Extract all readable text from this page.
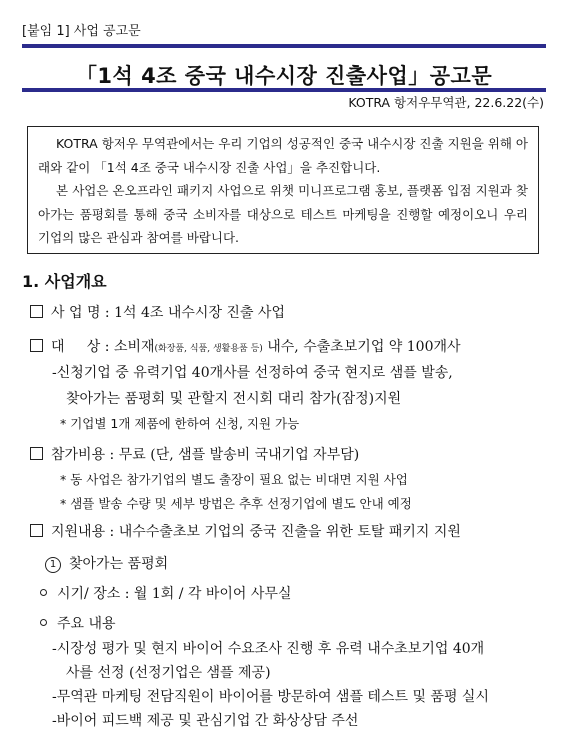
[붙임 1] 사업 공고문
「1석 4조 중국 내수시장 진출사업」공고문
KOTRA 항저우무역관, 22.6.22(수)

KOTRA 항저우 무역관에서는 우리 기업의 성공적인 중국 내수시장 진출 지원을 위해 아래와 같이 「1석 4조 중국 내수시장 진출 사업」을 추진합니다.

본 사업은 온오프라인 패키지 사업으로 위챗 미니프로그램 홍보, 플랫폼 입점 지원과 찾아가는 품평회를 통해 중국 소비자를 대상으로 테스트 마케팅을 진행할 예정이오니 우리 기업의 많은 관심과 참여를 바랍니다.

1. 사업개요
사 업 명 : 1석 4조 내수시장 진출 사업
대     상 : 소비재(화장품, 식품, 생활용품 등) 내수, 수출초보기업 약 100개사
-신청기업 중 유력기업 40개사를 선정하여 중국 현지로 샘플 발송,
찾아가는 품평회 및 관할지 전시회 대리 참가(잠정)지원
* 기업별 1개 제품에 한하여 신청, 지원 가능
참가비용 : 무료 (단, 샘플 발송비 국내기업 자부담)
* 동 사업은 참가기업의 별도 출장이 필요 없는 비대면 지원 사업
* 샘플 발송 수량 및 세부 방법은 추후 선정기업에 별도 안내 예정
지원내용 : 내수수출초보 기업의 중국 진출을 위한 토탈 패키지 지원
1 찾아가는 품평회
시기/ 장소 : 월 1회 / 각 바이어 사무실
주요 내용
-시장성 평가 및 현지 바이어 수요조사 진행 후 유력 내수초보기업 40개
사를 선정 (선정기업은 샘플 제공)
-무역관 마케팅 전담직원이 바이어를 방문하여 샘플 테스트 및 품평 실시
-바이어 피드백 제공 및 관심기업 간 화상상담 주선
